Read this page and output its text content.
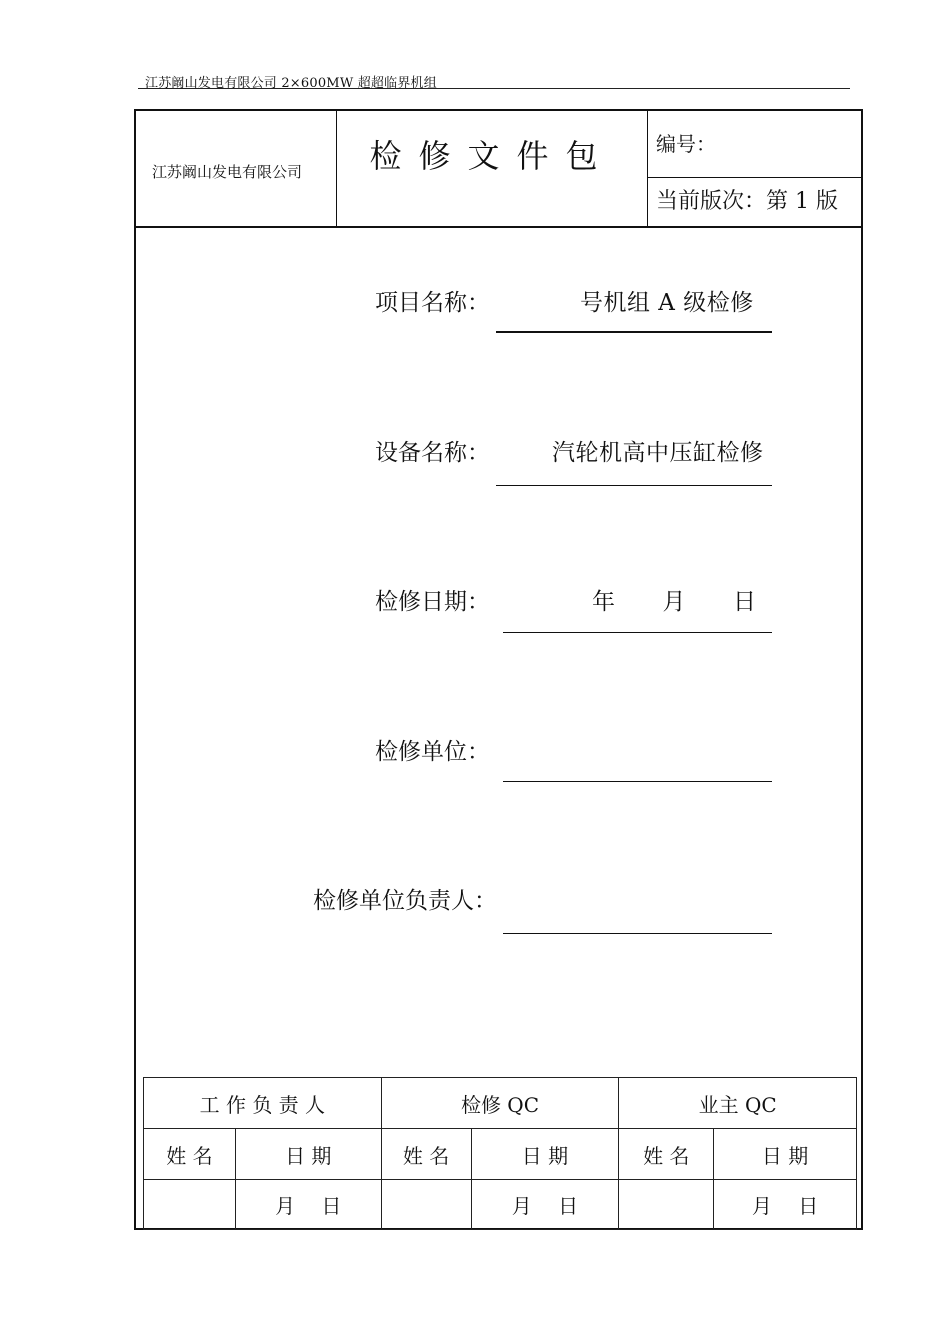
江苏阚山发电有限公司 2×600MW 超超临界机组
江苏阚山发电有限公司	检修文件包	编号：
当前版次：第 1 版
项目名称：	号机组 A 级检修
设备名称：	汽轮机高中压缸检修
检修日期：	年　　月　　日
检修单位：
检修单位负责人：
工 作 负 责 人		检修 QC		业主 QC	
姓 名	日 期	姓 名	日 期	姓 名	日 期
	月　 日		月　 日		月　 日
